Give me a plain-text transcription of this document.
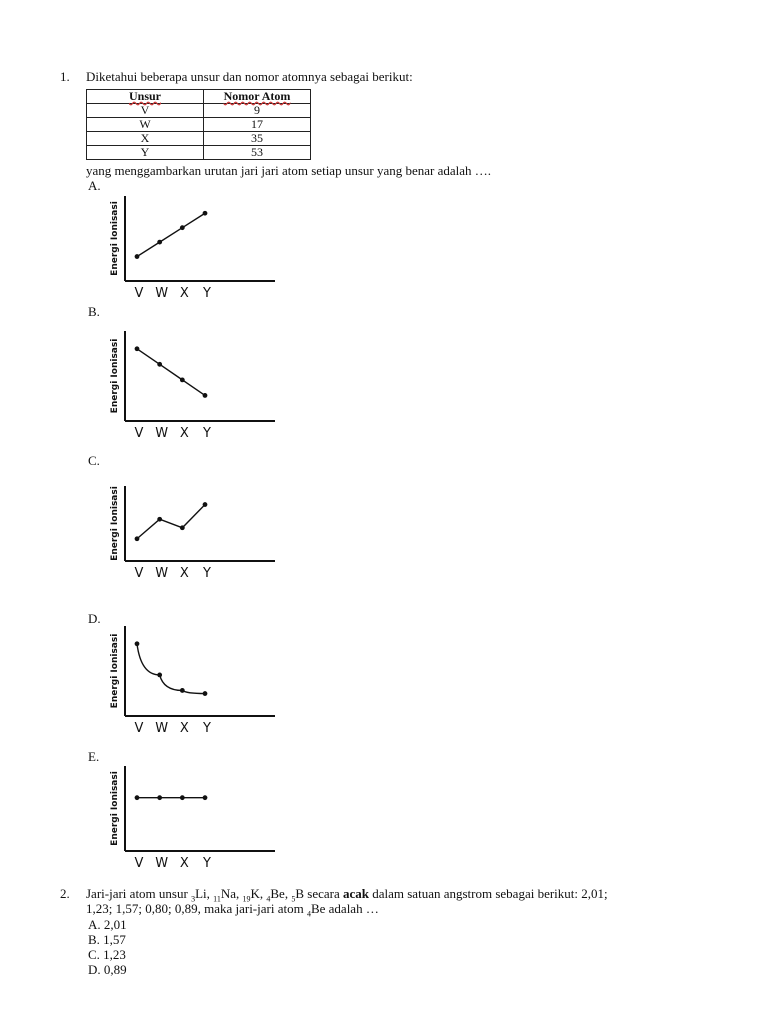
1. Diketahui beberapa unsur dan nomor atomnya sebagai berikut:
Unsur	Nomor Atom
V	9
W	17
X	35
Y	53
yang menggambarkan urutan jari jari atom setiap unsur yang benar adalah ….
A.
B.
C.
D.
E.
Energi Ionisasi
V W X Y
Energi Ionisasi
V W X Y
Energi Ionisasi
V W X Y
Energi Ionisasi
V W X Y
Energi Ionisasi
V W X Y
2. Jari-jari atom unsur $_3$Li, $_{11}$Na, $_{19}$K, $_4$Be, $_5$B secara acak dalam satuan angstrom sebagai berikut: 2,01;
1,23; 1,57; 0,80; 0,89, maka jari-jari atom $_4$Be adalah …
A. 2,01
B. 1,57
C. 1,23
D. 0,89
